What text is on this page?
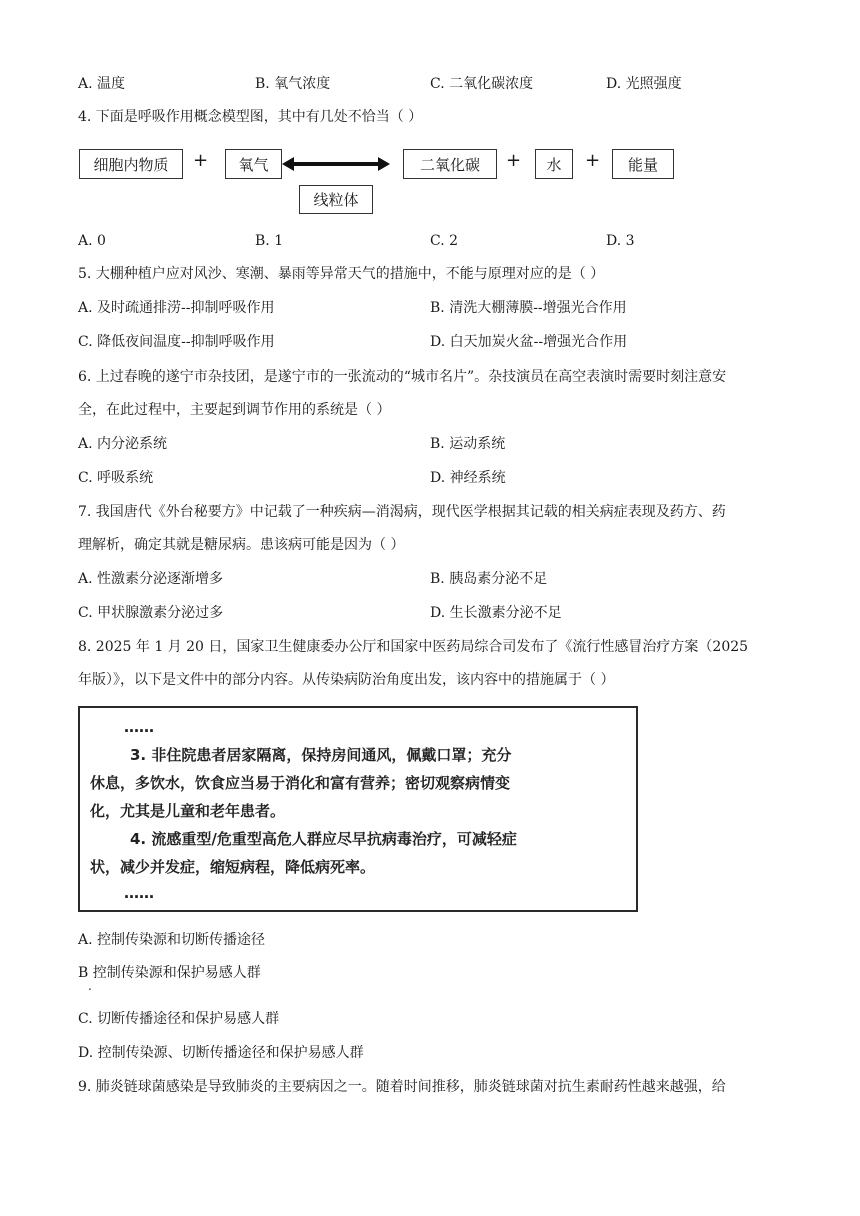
A. 温度	B. 氧气浓度	C. 二氧化碳浓度	D. 光照强度
4. 下面是呼吸作用概念模型图，其中有几处不恰当（ ）
细胞内物质	+	氧气	二氧化碳	+	水	+	能量
线粒体
A. 0	B. 1	C. 2	D. 3
5. 大棚种植户应对风沙、寒潮、暴雨等异常天气的措施中，不能与原理对应的是（ ）
A. 及时疏通排涝--抑制呼吸作用	B. 清洗大棚薄膜--增强光合作用
C. 降低夜间温度--抑制呼吸作用	D. 白天加炭火盆--增强光合作用
6. 上过春晚的遂宁市杂技团，是遂宁市的一张流动的“城市名片”。杂技演员在高空表演时需要时刻注意安
全，在此过程中，主要起到调节作用的系统是（ ）
A. 内分泌系统	B. 运动系统
C. 呼吸系统	D. 神经系统
7. 我国唐代《外台秘要方》中记载了一种疾病—消渴病，现代医学根据其记载的相关病症表现及药方、药
理解析，确定其就是糖尿病。患该病可能是因为（ ）
A. 性激素分泌逐渐增多	B. 胰岛素分泌不足
C. 甲状腺激素分泌过多	D. 生长激素分泌不足
8. 2025 年 1 月 20 日，国家卫生健康委办公厅和国家中医药局综合司发布了《流行性感冒治疗方案（2025
年版）》，以下是文件中的部分内容。从传染病防治角度出发，该内容中的措施属于（ ）
……
3. 非住院患者居家隔离，保持房间通风，佩戴口罩；充分
休息，多饮水，饮食应当易于消化和富有营养；密切观察病情变
化，尤其是儿童和老年患者。
4. 流感重型/危重型高危人群应尽早抗病毒治疗，可减轻症
状，减少并发症，缩短病程，降低病死率。
……
A. 控制传染源和切断传播途径
B 控制传染源和保护易感人群
.
C. 切断传播途径和保护易感人群
D. 控制传染源、切断传播途径和保护易感人群
9. 肺炎链球菌感染是导致肺炎的主要病因之一。随着时间推移，肺炎链球菌对抗生素耐药性越来越强，给
